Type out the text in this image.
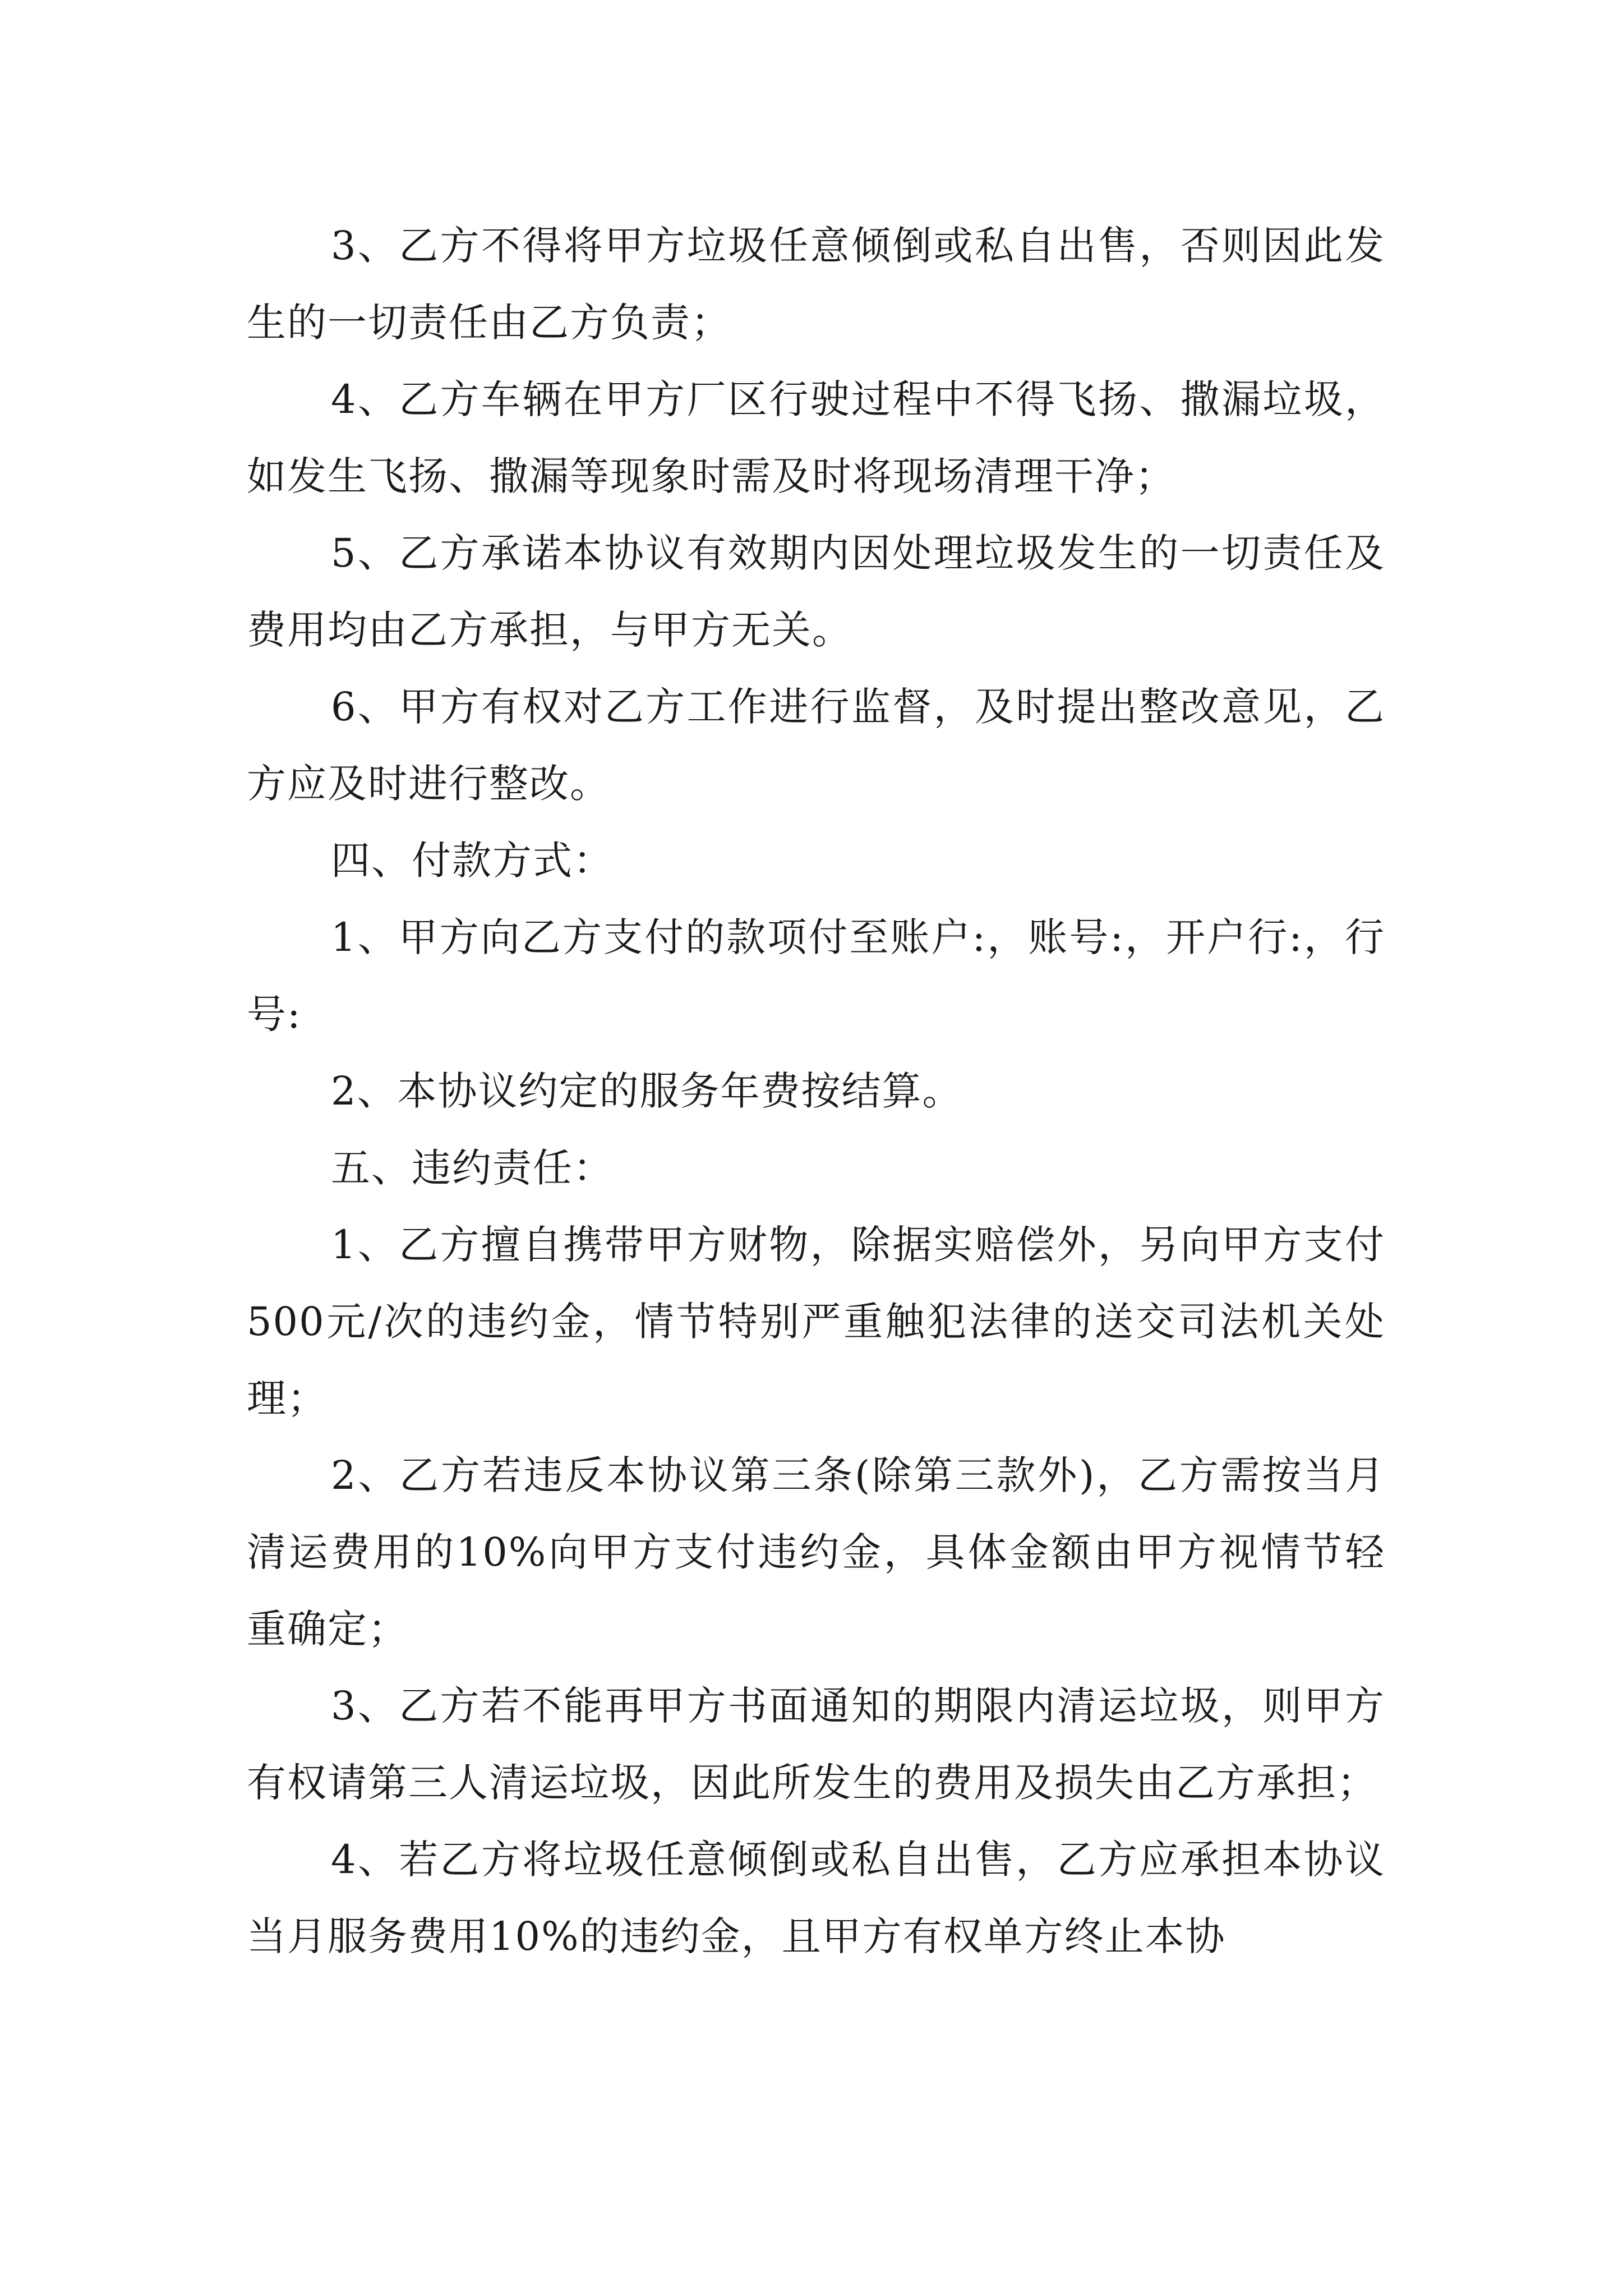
3、乙方不得将甲方垃圾任意倾倒或私自出售，否则因此发生的一切责任由乙方负责；

4、乙方车辆在甲方厂区行驶过程中不得飞扬、撒漏垃圾，如发生飞扬、撒漏等现象时需及时将现场清理干净；

5、乙方承诺本协议有效期内因处理垃圾发生的一切责任及费用均由乙方承担，与甲方无关。

6、甲方有权对乙方工作进行监督，及时提出整改意见，乙方应及时进行整改。

四、付款方式：

1、甲方向乙方支付的款项付至账户:，账号:，开户行:，行号:

2、本协议约定的服务年费按结算。

五、违约责任：

1、乙方擅自携带甲方财物，除据实赔偿外，另向甲方支付500元/次的违约金，情节特别严重触犯法律的送交司法机关处理；

2、乙方若违反本协议第三条(除第三款外)，乙方需按当月清运费用的10%向甲方支付违约金，具体金额由甲方视情节轻重确定；

3、乙方若不能再甲方书面通知的期限内清运垃圾，则甲方有权请第三人清运垃圾，因此所发生的费用及损失由乙方承担；

4、若乙方将垃圾任意倾倒或私自出售，乙方应承担本协议当月服务费用10%的违约金，且甲方有权单方终止本协
